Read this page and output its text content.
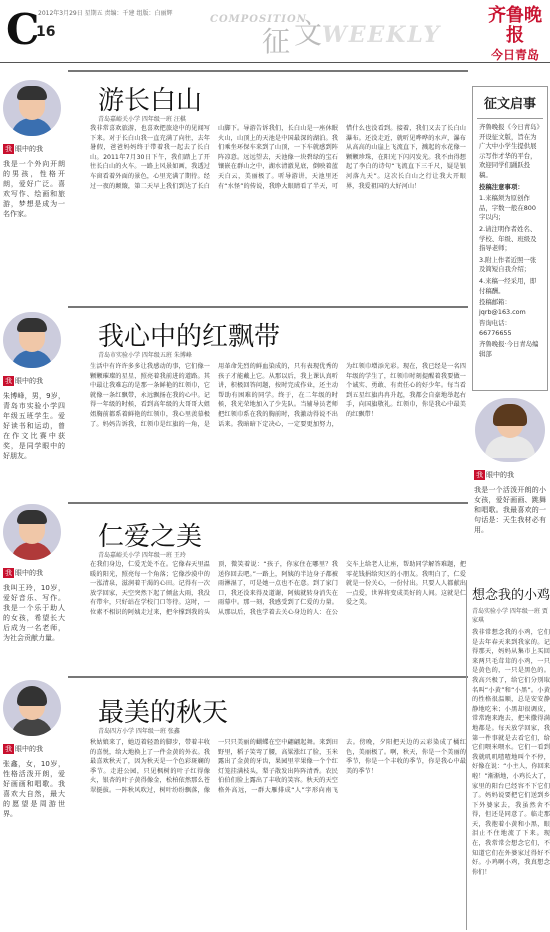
C
16
2012年3月29日 星期五 责编：千建 组版：白丽辉
COMPOSITION
征 文 WEEKLY
齐鲁晚报
今日青岛
我 眼中的我
我是一个外向开朗的男孩，性格开朗，爱好广泛。喜欢写作、绘画和旅游，梦想是成为一名作家。
我 眼中的我
朱博峰，男，9岁，青岛市实验小学四年级五班学生。爱好读书和运动，曾在作文比赛中获奖，是同学眼中的好朋友。
我 眼中的我
我叫王玲，10岁，爱好音乐、写作。我是一个乐于助人的女孩，希望长大后成为一名老师，为社会贡献力量。
我 眼中的我
张鑫，女，10岁，性格活泼开朗，爱好画画和唱歌。我喜欢大自然，最大的愿望是周游世界。
游长白山
青岛嘉峪关小学 四年级一班 汪棋
我非常喜欢旅游，也喜欢把旅途中的见闻写下来。对于长白山我一直充满了向往，去年暑假，爸爸妈妈终于带着我一起去了长白山。2011年7月30日下午，我们踏上了开往长白山的火车。一路上风景如画，我透过车窗看着外面的景色，心里充满了期待。经过一夜的颠簸，第二天早上我们到达了长白山脚下。导游告诉我们，长白山是一座休眠火山，山顶上的天池是中国最深的湖泊。我们乘坐环保车来到了山顶，一下车就感到阵阵凉意。远远望去，天池像一块碧绿的宝石镶嵌在群山之中，湖水清澈见底，倒映着蓝天白云，美丽极了。听导游讲，天池里还有“水怪”的传说，我睁大眼睛看了半天，可惜什么也没看到。接着，我们又去了长白山瀑布。还没走近，就听见哗哗的水声，瀑布从高高的山崖上飞流直下，溅起的水花像一颗颗珍珠，在阳光下闪闪发光。我不由得想起了李白的诗句“飞流直下三千尺，疑是银河落九天”。这次长白山之行让我大开眼界，我爱祖国的大好河山！
我心中的红飘带
青岛市实验小学 四年级五班 朱博峰
生活中有许许多多让我感动的事，它们像一颗颗璀璨的星星，照亮着我前进的道路。其中最让我难忘的是那一条鲜艳的红领巾，它就像一条红飘带，永远飘扬在我的心中。记得一年级的时候，看到高年级的大哥哥大姐姐胸前都系着鲜艳的红领巾，我心里羡慕极了。妈妈告诉我，红领巾是红旗的一角，是用革命先烈的鲜血染成的，只有表现优秀的孩子才能戴上它。从那以后，我上课认真听讲，积极回答问题，按时完成作业，还主动帮助有困难的同学。终于，在二年级的时候，我光荣地加入了少先队。当辅导员老师把红领巾系在我的胸前时，我激动得说不出话来。我暗暗下定决心，一定要更加努力，为红领巾增添光彩。现在，我已经是一名四年级的学生了，红领巾时刻提醒着我要做一个诚实、勇敢、有责任心的好少年。每当看到五星红旗冉冉升起，我都会自豪地举起右手，向国旗敬礼。红领巾，你是我心中最美的红飘带！
仁爱之美
青岛嘉峪关小学 四年级一班 王玲
在我们身边，仁爱无处不在。它像春天里温暖的阳光，照亮每一个角落；它像沙漠中的一泓清泉，滋润着干渴的心田。记得有一次放学回家，天空突然下起了倾盆大雨，我没有带伞，只好站在学校门口等待。这时，一位素不相识的阿姨走过来，把伞撑到我的头顶，微笑着说：“孩子，你家住在哪里？我送你回去吧。”一路上，阿姨的半边身子都被雨淋湿了，可是她一点也不在意。到了家门口，我还没来得及道谢，阿姨就转身消失在雨幕中。那一刻，我感受到了仁爱的力量。从那以后，我也学着去关心身边的人：在公交车上给老人让座，帮助同学解答难题，把零花钱捐给灾区的小朋友。我明白了，仁爱就是一份关心，一份付出。只要人人都献出一点爱，世界将变成美好的人间。这就是仁爱之美。
最美的秋天
青岛四方小学 四年级一班 张鑫
秋姑娘来了，她迈着轻盈的脚步，带着丰收的喜悦，给大地换上了一件金黄的外衣。我最喜欢秋天了，因为秋天是一个色彩斑斓的季节。走进公园，只见枫树的叶子红得像火，银杏的叶子黄得像金，松柏依然那么苍翠挺拔。一阵秋风吹过，树叶纷纷飘落，像一只只美丽的蝴蝶在空中翩翩起舞。来到田野里，稻子笑弯了腰，高粱涨红了脸，玉米露出了金黄的牙齿，果园里苹果像一个个红灯笼挂满枝头，梨子散发出阵阵清香。农民伯伯们脸上露出了丰收的笑容。秋天的天空格外高远，一群大雁排成“人”字形向南飞去。傍晚，夕阳把天边的云彩染成了橘红色，美丽极了。啊，秋天，你是一个美丽的季节，你是一个丰收的季节，你是我心中最美的季节！
征文启事

齐鲁晚报《今日青岛》开设征文版，旨在为广大中小学生提供展示写作才华的平台，欢迎同学们踊跃投稿。

投稿注意事项：

1.来稿须为原创作品，字数一般在800字以内；

2.请注明作者姓名、学校、年级、班级及指导老师；

3.附上作者近照一张及简短自我介绍；

4.来稿一经采用，即付稿酬。

投稿邮箱：jqrb@163.com

咨询电话：66776655

齐鲁晚报·今日青岛编辑部

我 眼中的我
我是一个活泼开朗的小女孩，爱好画画、跳舞和唱歌。我最喜欢的一句话是：天生我材必有用。
想念我的小鸡
青岛实验小学 四年级一班 贾家琪
我非常想念我的小鸡，它们是去年春天来到我家的。记得那天，妈妈从集市上买回来两只毛茸茸的小鸡，一只是黄色的，一只是黑色的。我高兴极了，给它们分别取名叫“小黄”和“小黑”。小黄的性格很温顺，总是安安静静地吃米；小黑却很调皮，常常跑来跑去，把米撒得满地都是。每天放学回家，我第一件事就是去看它们，给它们喂米喂水。它们一看到我就叽叽喳喳地叫个不停，好像在说：“小主人，你回来啦！”渐渐地，小鸡长大了，家里的阳台已经容不下它们了。妈妈说要把它们送到乡下外婆家去，我虽然舍不得，但还是同意了。临走那天，我抱着小黄和小黑，眼泪止不住地流了下来。现在，我常常会想念它们，不知道它们在外婆家过得好不好。小鸡啊小鸡，我真想念你们！
